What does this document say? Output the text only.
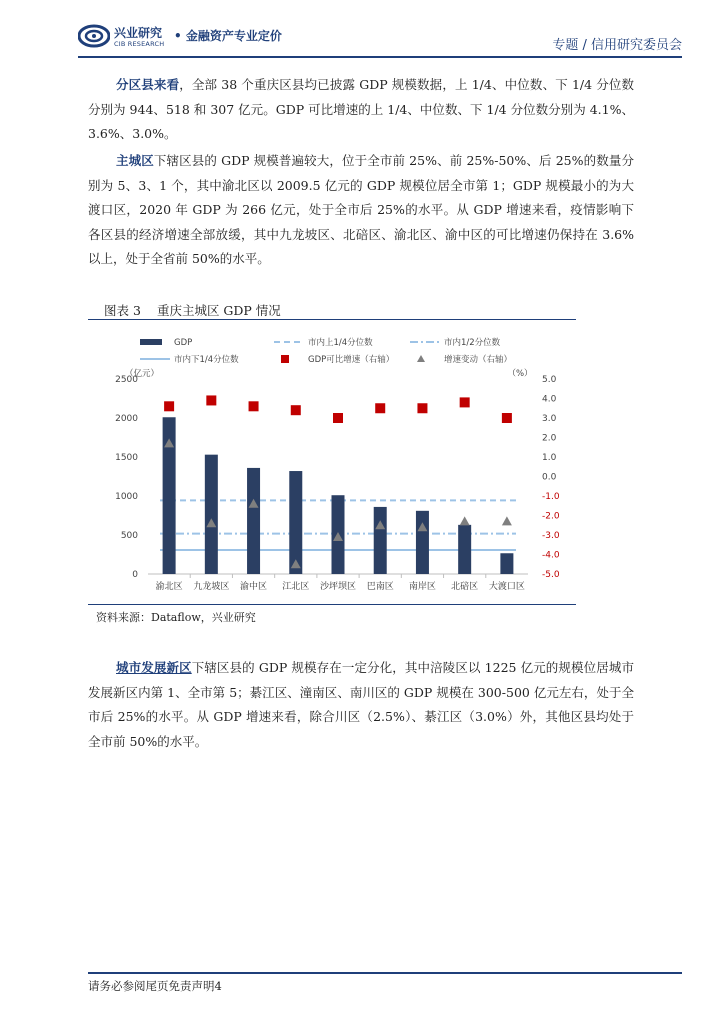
兴业研究
CIB RESEARCH
• 金融资产专业定价
专题 / 信用研究委员会

分区县来看，全部 38 个重庆区县均已披露 GDP 规模数据，上 1/4、中位数、下 1/4 分位数分别为 944、518 和 307 亿元。GDP 可比增速的上 1/4、中位数、下 1/4 分位数分别为 4.1%、3.6%、3.0%。

主城区下辖区县的 GDP 规模普遍较大，位于全市前 25%、前 25%-50%、后 25%的数量分别为 5、3、1 个，其中渝北区以 2009.5 亿元的 GDP 规模位居全市第 1；GDP 规模最小的为大渡口区，2020 年 GDP 为 266 亿元，处于全市后 25%的水平。从 GDP 增速来看，疫情影响下各区县的经济增速全部放缓，其中九龙坡区、北碚区、渝北区、渝中区的可比增速仍保持在 3.6%以上，处于全省前 50%的水平。

图表 3 重庆主城区 GDP 情况
0
500
1000
1500
2000
2500
（亿元）
-5.0
-4.0
-3.0
-2.0
-1.0
0.0
1.0
2.0
3.0
4.0
5.0
（%）
渝北区 九龙坡区 渝中区 江北区 沙坪坝区 巴南区 南岸区 北碚区 大渡口区
GDP	市内上1/4分位数	市内1/2分位数
市内下1/4分位数	GDP可比增速（右轴）	增速变动（右轴）
资料来源：Dataflow，兴业研究

城市发展新区下辖区县的 GDP 规模存在一定分化，其中涪陵区以 1225 亿元的规模位居城市发展新区内第 1、全市第 5；綦江区、潼南区、南川区的 GDP 规模在 300-500 亿元左右，处于全市后 25%的水平。从 GDP 增速来看，除合川区（2.5%）、綦江区（3.0%）外，其他区县均处于全市前 50%的水平。

请务必参阅尾页免责声明4
